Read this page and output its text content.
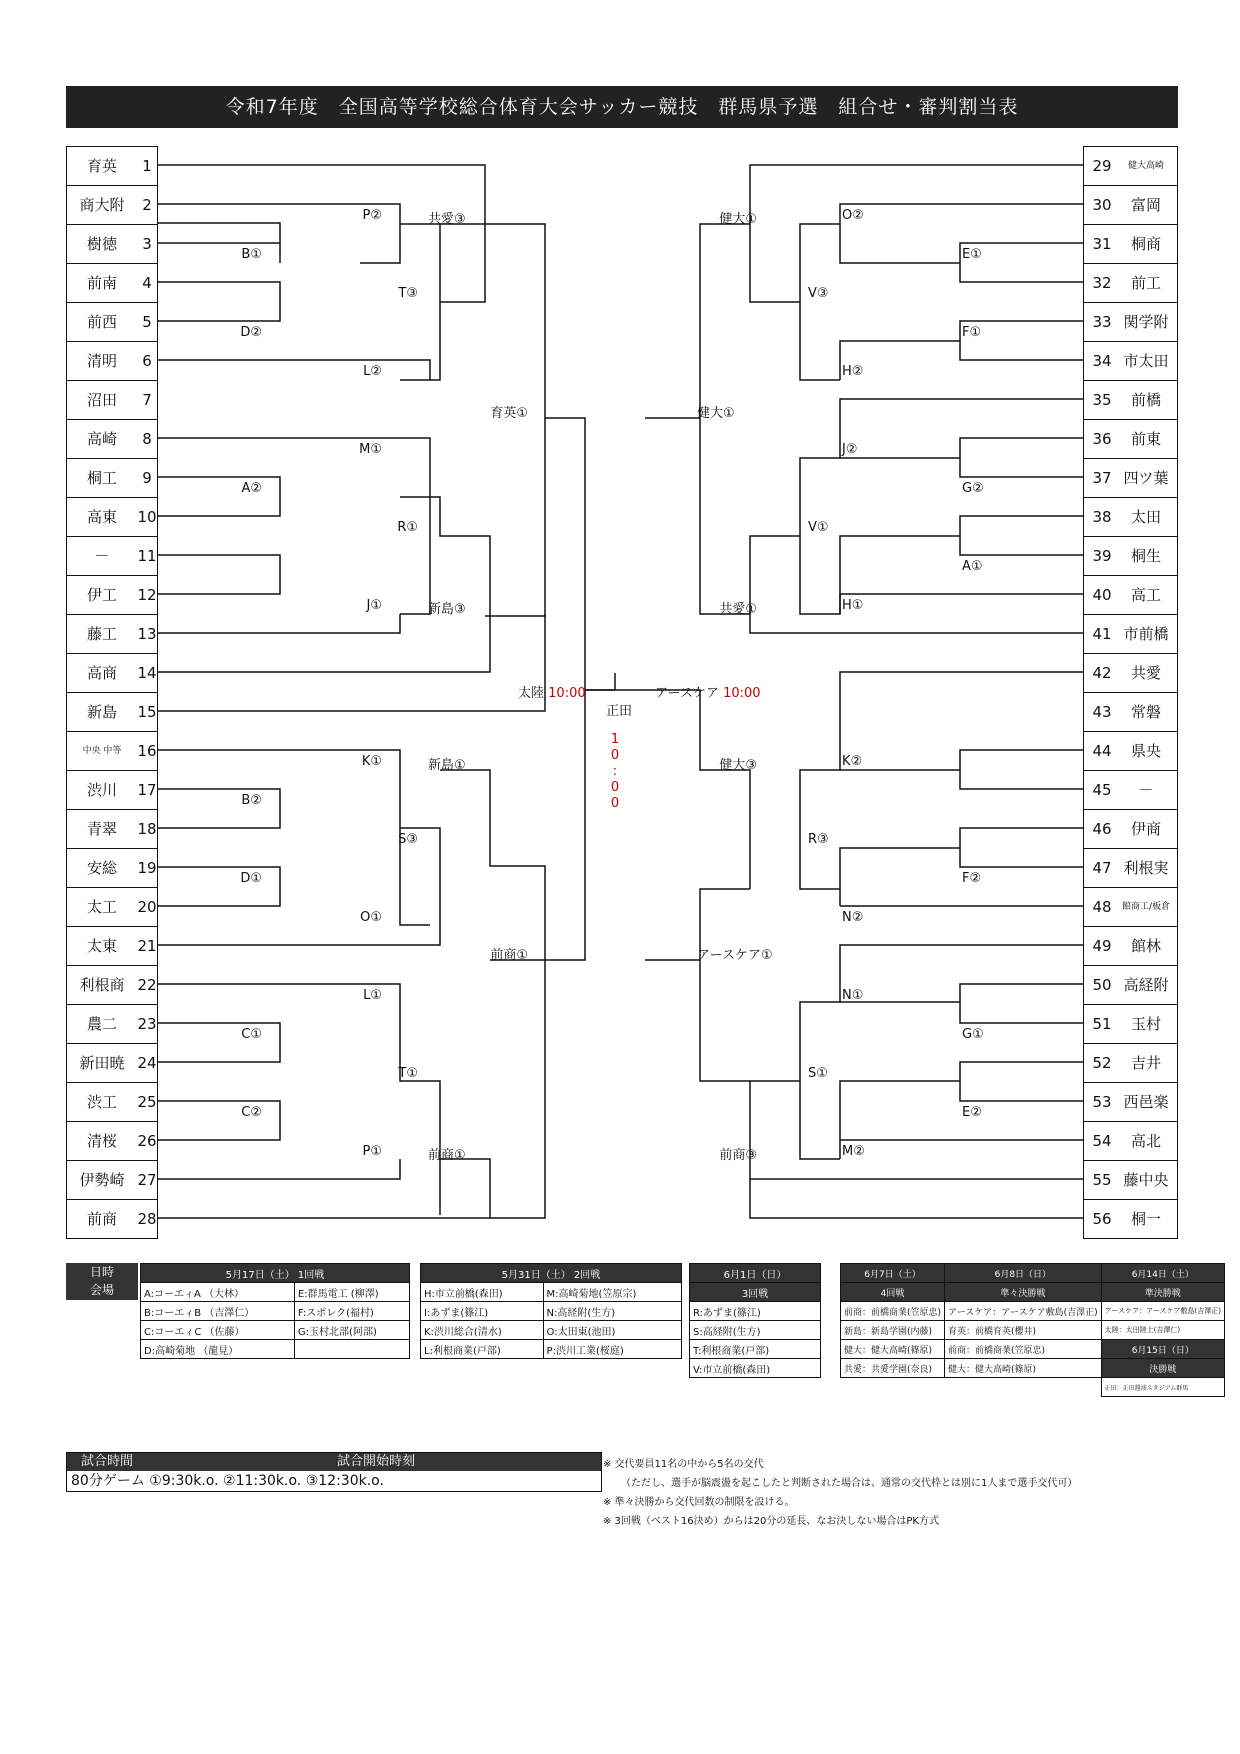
令和7年度　全国高等学校総合体育大会サッカー競技　群馬県予選　組合せ・審判割当表
育英	1
商大附	2
樹徳	3
前南	4
前西	5
清明	6
沼田	7
高崎	8
桐工	9
高東	10
－	11
伊工	12
藤工	13
高商	14
新島	15
中央 中等	16
渋川	17
青翠	18
安総	19
太工	20
太東	21
利根商 22
農二	23
新田暁 24
渋工	25
清桜	26
伊勢崎 27
前商	28
29	健大高崎
30	富岡
31	桐商
32	前工
33 関学附
34 市太田
35	前橋
36	前東
37 四ツ葉
38	太田
39	桐生
40	高工
41 市前橋
42	共愛
43	常磐
44	県央
45	－
46	伊商
47 利根実
48	館商工/板倉
49	館林
50 高経附
51	玉村
52	吉井
53 西邑楽
54	高北
55 藤中央
56	桐一
B①
D②
A②
B②
D①
C①
C②
P②
L②
M①
J①
K①
O①
L①
P①
T③
R①
S③
T①
共愛③
新島③
新島①
前商①
育英①
前商①
E①
F①
G②
A①
F②
G①
E②
O②
H②
J②
H①
K②
N②
N①
M②
V③
V①
R③
S①
健大①
共愛①
健大③
前商③
健大①
アースケア①
太陸 10:00	アースケア 10:00
正田
1
0
:
0
0
日時
会場
5月17日（土） 1回戦	
A:コーエィA （大林）	E:群馬電工 (柳澤)
B:コーエィB （吉澤仁）	F:スポレク(福村)
C:コーエィC （佐藤）	G:玉村北部(阿部)
D:高崎菊地 （龍見）	
5月31日（土） 2回戦	
H:市立前橋(森田)	M:高崎菊地(笠原宗)
I:あずま(篠江)	N:高経附(生方)
K:渋川総合(清水)	O:太田東(池田)
L:利根商業(戸部)	P:渋川工業(桜庭)
6月1日（日）
3回戦
R:あずま(篠江)
S:高経附(生方)
T:利根商業(戸部)
V:市立前橋(森田)
6月7日（土）	6月8日（日）	6月14日（土）
4回戦	準々決勝戦	準決勝戦
前商：前橋商業(笠原忠)	アースケア：アースケア敷島(吉澤正)	アースケア：アースケア敷島(吉澤正)
新島：新島学園(内藤)	育英：前橋育英(櫻井)	太陸：太田陸上(吉澤仁)
健大：健大高崎(篠原)	前商：前橋商業(笠原忠)	6月15日（日）
共愛：共愛学園(奈良)	健大：健大高崎(篠原)	決勝戦
		正田：正田醤油スタジアム群馬
試合時間	試合開始時刻
80分ゲーム ①9:30k.o. ②11:30k.o. ③12:30k.o.
※ 交代要員11名の中から5名の交代
（ただし、選手が脳震盪を起こしたと判断された場合は、通常の交代枠とは別に1人まで選手交代可）
※ 準々決勝から交代回数の制限を設ける。
※ 3回戦（ベスト16決め）からは20分の延長、なお決しない場合はPK方式
